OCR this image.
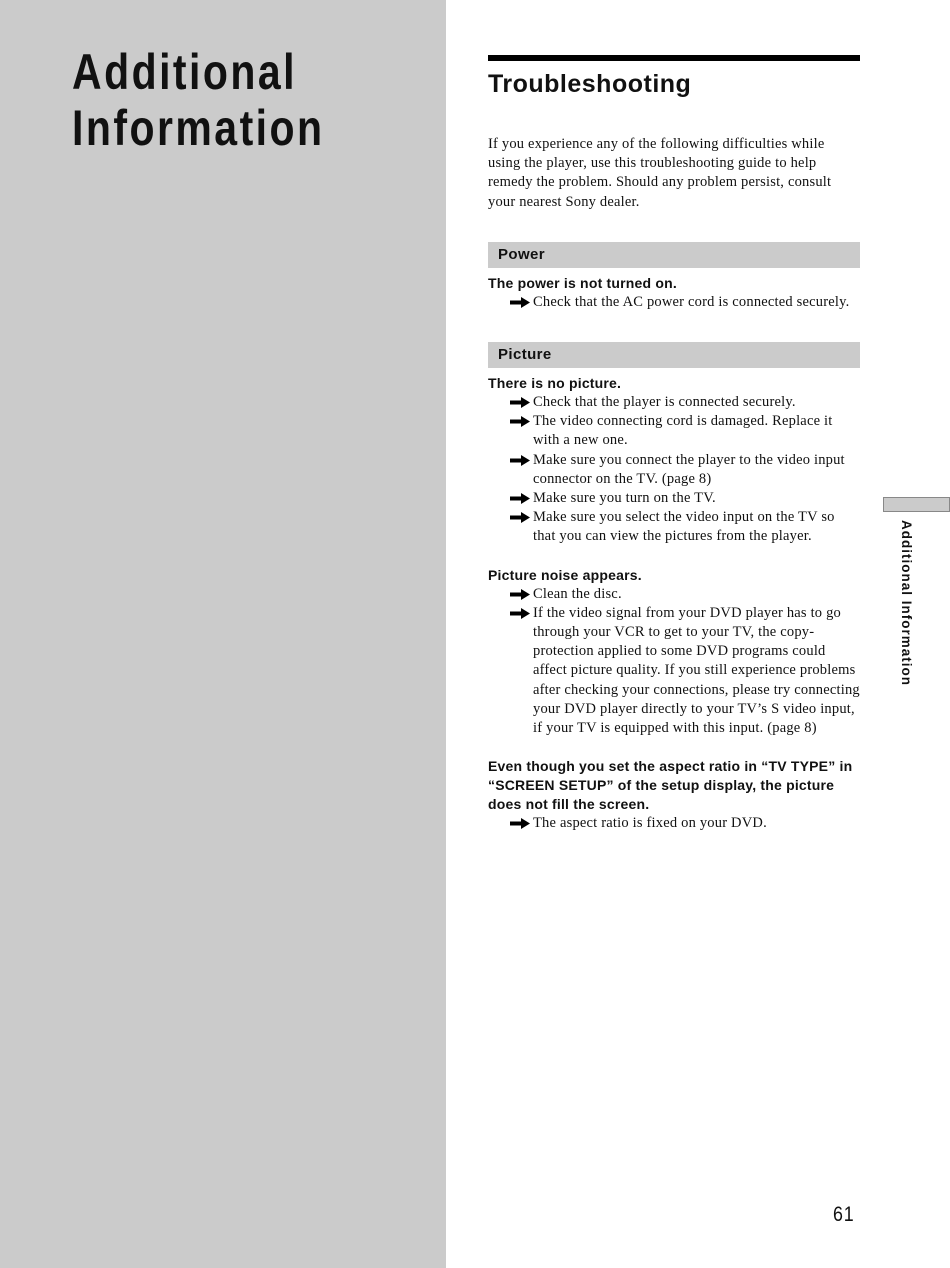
Additional
Information
Troubleshooting

If you experience any of the following difficulties while using the player, use this troubleshooting guide to help remedy the problem. Should any problem persist, consult your nearest Sony dealer.

Power
The power is not turned on.
Check that the AC power cord is connected securely.
Picture
There is no picture.
Check that the player is connected securely.
The video connecting cord is damaged. Replace it with a new one.
Make sure you connect the player to the video input connector on the TV. (page 8)
Make sure you turn on the TV.
Make sure you select the video input on the TV so that you can view the pictures from the player.
Picture noise appears.
Clean the disc.
If the video signal from your DVD player has to go through your VCR to get to your TV, the copy-protection applied to some DVD programs could affect picture quality. If you still experience problems after checking your connections, please try connecting your DVD player directly to your TV’s S video input, if your TV is equipped with this input. (page 8)
Even though you set the aspect ratio in “TV TYPE” in “SCREEN SETUP” of the setup display, the picture does not fill the screen.
The aspect ratio is fixed on your DVD.
Additional Information
61
